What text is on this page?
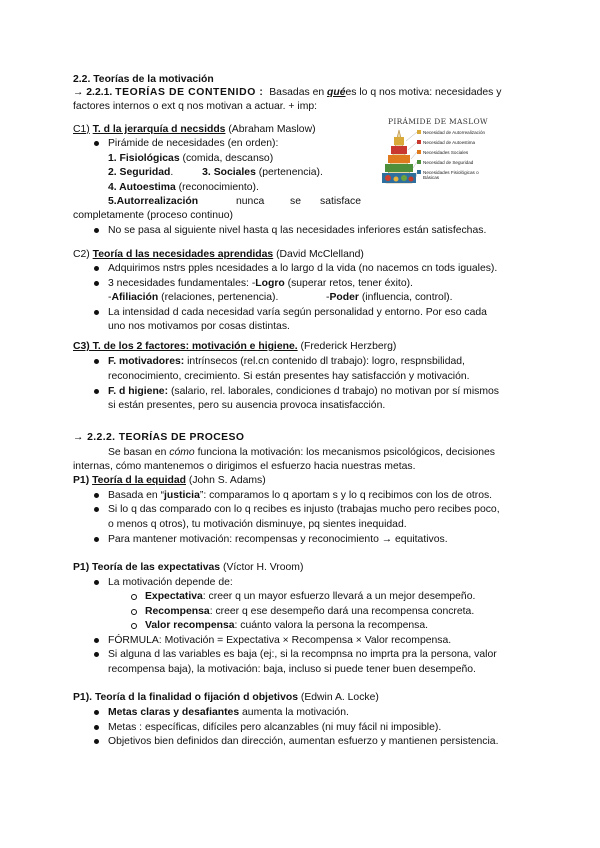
2.2. Teorías de la motivación
→ 2.2.1. TEORÍAS DE CONTENIDO : Basadas en quées lo q nos motiva: necesidades y
factores internos o ext q nos motivan a actuar. + imp:
C1) T. d la jerarquía d necsidds (Abraham Maslow)
Pirámide de necesidades (en orden):
1. Fisiológicas (comida, descanso)
2. Seguridad.	3. Sociales (pertenencia).
4. Autoestima (reconocimiento).
5.Autorrealización	nunca se satisface
completamente (proceso continuo)
No se pasa al siguiente nivel hasta q las necesidades inferiores están satisfechas.
PIRÁMIDE DE MASLOW
Necesidad de Autorrealización
Necesidad de Autoestima
Necesidades Sociales
Necesidad de Seguridad
Necesidades Fisiológicas o Básicas
C2) Teoría d las necesidades aprendidas (David McClelland)
Adquirimos nstrs pples ncesidades a lo largo d la vida (no nacemos cn tods iguales).
3 necesidades fundamentales: -Logro (superar retos, tener éxito).
-Afiliación (relaciones, pertenencia).	-Poder (influencia, control).
La intensidad d cada necesidad varía según personalidad y entorno. Por eso cada
uno nos motivamos por cosas distintas.
C3) T. de los 2 factores: motivación e higiene. (Frederick Herzberg)
F. motivadores: intrínsecos (rel.cn contenido dl trabajo): logro, respnsbilidad,
reconocimiento, crecimiento. Si están presentes hay satisfacción y motivación.
F. d higiene: (salario, rel. laborales, condiciones d trabajo) no motivan por sí mismos
si están presentes, pero su ausencia provoca insatisfacción.
→ 2.2.2. TEORÍAS DE PROCESO
Se basan en cómo funciona la motivación: los mecanismos psicológicos, decisiones
internas, cómo mantenemos o dirigimos el esfuerzo hacia nuestras metas.
P1) Teoría d la equidad (John S. Adams)
Basada en “justicia”: comparamos lo q aportam s y lo q recibimos con los de otros.
Si lo q das comparado con lo q recibes es injusto (trabajas mucho pero recibes poco,
o menos q otros), tu motivación disminuye, pq sientes inequidad.
Para mantener motivación: recompensas y reconocimiento → equitativos.
P1) Teoría de las expectativas (Víctor H. Vroom)
La motivación depende de:
Expectativa: creer q un mayor esfuerzo llevará a un mejor desempeño.
Recompensa: creer q ese desempeño dará una recompensa concreta.
Valor recompensa: cuánto valora la persona la recompensa.
FÓRMULA: Motivación = Expectativa × Recompensa × Valor recompensa.
Si alguna d las variables es baja (ej:, si la recompnsa no imprta pra la persona, valor
recompensa baja), la motivación: baja, incluso si puede tener buen desempeño.
P1). Teoría d la finalidad o fijación d objetivos (Edwin A. Locke)
Metas claras y desafiantes aumenta la motivación.
Metas : específicas, difíciles pero alcanzables (ni muy fácil ni imposible).
Objetivos bien definidos dan dirección, aumentan esfuerzo y mantienen persistencia.
